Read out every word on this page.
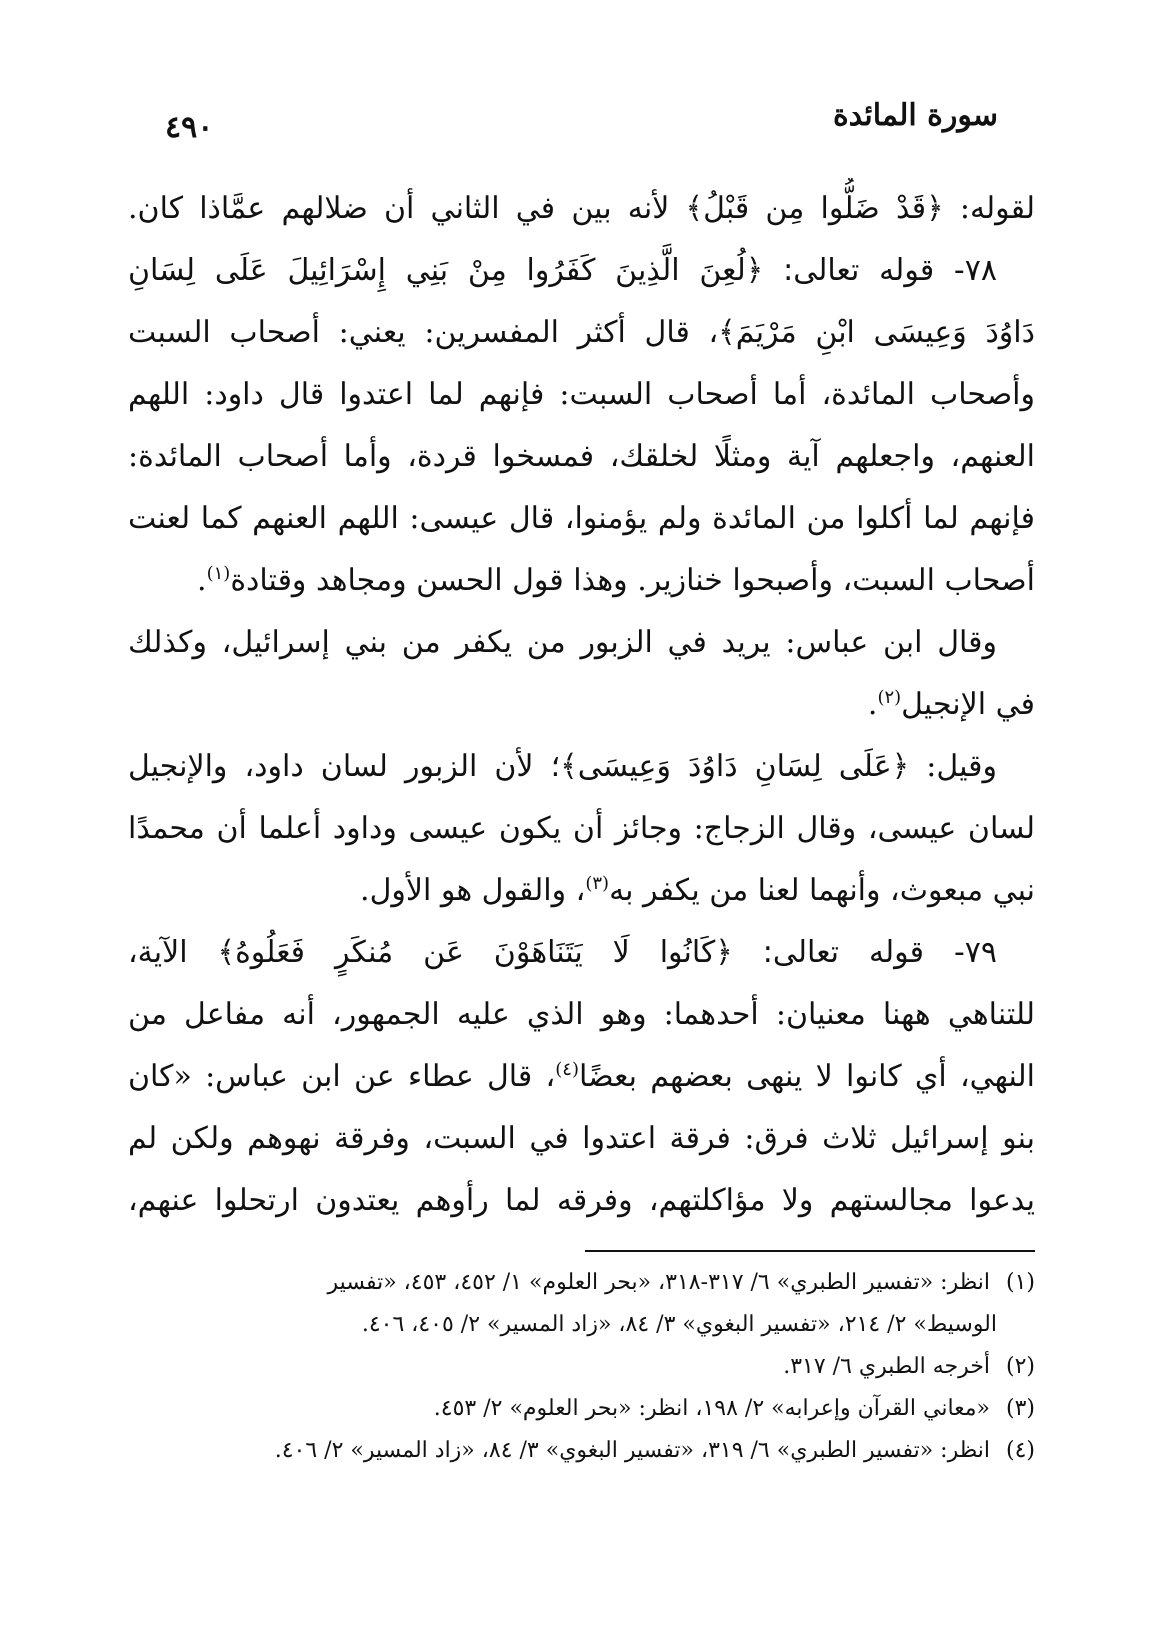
سورة المائدة
٤٩٠
لقوله: ﴿قَدْ ضَلُّوا مِن قَبْلُ﴾ لأنه بين في الثاني أن ضلالهم عمَّاذا كان.
٧٨- قوله تعالى: ﴿لُعِنَ الَّذِينَ كَفَرُوا مِنْ بَنِي إِسْرَائِيلَ عَلَى لِسَانِ
دَاوُدَ وَعِيسَى ابْنِ مَرْيَمَ﴾، قال أكثر المفسرين: يعني: أصحاب السبت
وأصحاب المائدة، أما أصحاب السبت: فإنهم لما اعتدوا قال داود: اللهم
العنهم، واجعلهم آية ومثلًا لخلقك، فمسخوا قردة، وأما أصحاب المائدة:
فإنهم لما أكلوا من المائدة ولم يؤمنوا، قال عيسى: اللهم العنهم كما لعنت
أصحاب السبت، وأصبحوا خنازير. وهذا قول الحسن ومجاهد وقتادة$^{(١)}$.
وقال ابن عباس: يريد في الزبور من يكفر من بني إسرائيل، وكذلك
في الإنجيل$^{(٢)}$.
وقيل: ﴿عَلَى لِسَانِ دَاوُدَ وَعِيسَى﴾؛ لأن الزبور لسان داود، والإنجيل
لسان عيسى، وقال الزجاج: وجائز أن يكون عيسى وداود أعلما أن محمدًا
نبي مبعوث، وأنهما لعنا من يكفر به$^{(٣)}$، والقول هو الأول.
٧٩- قوله تعالى: ﴿كَانُوا لَا يَتَنَاهَوْنَ عَن مُنكَرٍ فَعَلُوهُ﴾ الآية،
للتناهي ههنا معنيان: أحدهما: وهو الذي عليه الجمهور، أنه مفاعل من
النهي، أي كانوا لا ينهى بعضهم بعضًا$^{(٤)}$، قال عطاء عن ابن عباس: «كان
بنو إسرائيل ثلاث فرق: فرقة اعتدوا في السبت، وفرقة نهوهم ولكن لم
يدعوا مجالستهم ولا مؤاكلتهم، وفرقه لما رأوهم يعتدون ارتحلوا عنهم،
(١) انظر: «تفسير الطبري» ٦/ ٣١٧-٣١٨، «بحر العلوم» ١/ ٤٥٢، ٤٥٣، «تفسير
الوسيط» ٢/ ٢١٤، «تفسير البغوي» ٣/ ٨٤، «زاد المسير» ٢/ ٤٠٥، ٤٠٦.
(٢) أخرجه الطبري ٦/ ٣١٧.
(٣) «معاني القرآن وإعرابه» ٢/ ١٩٨، انظر: «بحر العلوم» ٢/ ٤٥٣.
(٤) انظر: «تفسير الطبري» ٦/ ٣١٩، «تفسير البغوي» ٣/ ٨٤، «زاد المسير» ٢/ ٤٠٦.
